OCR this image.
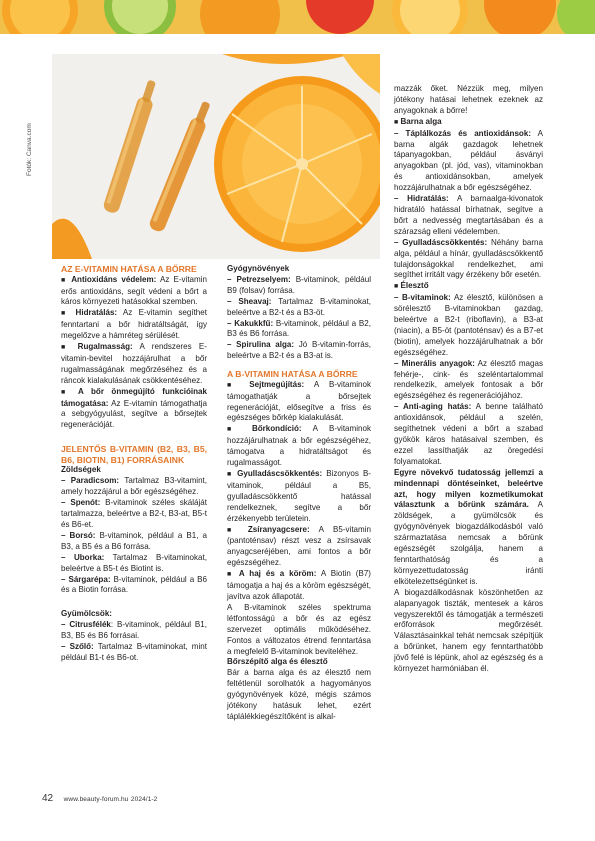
Fotók: Canva.com
AZ E-VITAMIN HATÁSA A BŐRRE

■ Antioxidáns védelem: Az E-vitamin erős antioxidáns, segít védeni a bőrt a káros környezeti hatásokkal szemben.

■ Hidratálás: Az E-vitamin segíthet fenntartani a bőr hidratáltságát, így megelőzve a hámréteg sérülését.

■ Rugalmasság: A rendszeres E-vitamin-bevitel hozzájárulhat a bőr rugalmasságának megőrzéséhez és a ráncok kialakulásának csökkentéséhez.

■ A bőr önmegújító funkcióinak támogatása: Az E-vitamin támogathatja a sebgyógyulást, segítve a bőrsejtek regenerációját.

JELENTŐS B-VITAMIN (B2, B3, B5, B6, BIOTIN, B1) FORRÁSAINK

Zöldségek

– Paradicsom: Tartalmaz B3-vitamint, amely hozzájárul a bőr egészségéhez.

– Spenót: B-vitaminok széles skáláját tartalmazza, beleértve a B2-t, B3-at, B5-t és B6-et.

– Borsó: B-vitaminok, például a B1, a B3, a B5 és a B6 forrása.

– Uborka: Tartalmaz B-vitaminokat, beleértve a B5-t és Biotint is.

– Sárgarépa: B-vitaminok, például a B6 és a Biotin forrása.

Gyümölcsök:

– Citrusfélék: B-vitaminok, például B1, B3, B5 és B6 forrásai.

– Szőlő: Tartalmaz B-vitaminokat, mint például B1-t és B6-ot.

Gyógynövények

– Petrezselyem: B-vitaminok, például B9 (folsav) forrása.

– Sheavaj: Tartalmaz B-vitaminokat, beleértve a B2-t és a B3-öt.

– Kakukkfű: B-vitaminok, például a B2, B3 és B6 forrása.

– Spirulina alga: Jó B-vitamin-forrás, beleértve a B2-t és a B3-at is.

A B-VITAMIN HATÁSA A BŐRRE

■ Sejtmegújítás: A B-vitaminok támogathatják a bőrsejtek regenerációját, elősegítve a friss és egészséges bőrkép kialakulását.

■ Bőrkondíció: A B-vitaminok hozzájárulhatnak a bőr egészségéhez, támogatva a hidratáltságot és rugalmasságot.

■ Gyulladáscsökkentés: Bizonyos B-vitaminok, például a B5, gyulladáscsökkentő hatással rendelkeznek, segítve a bőr érzékenyebb területein.

■ Zsíranyagcsere: A B5-vitamin (pantoténsav) részt vesz a zsírsavak anyagcseréjében, ami fontos a bőr egészségéhez.

■ A haj és a köröm: A Biotin (B7) támogatja a haj és a köröm egészségét, javítva azok állapotát.

A B-vitaminok széles spektruma létfontosságú a bőr és az egész szervezet optimális működéséhez. Fontos a változatos étrend fenntartása a megfelelő B-vitaminok beviteléhez.

Bőrszépítő alga és élesztő

Bár a barna alga és az élesztő nem feltétlenül sorolhatók a hagyományos gyógynövények közé, mégis számos jótékony hatásuk lehet, ezért táplálékkiegészítőként is alkal-

mazzák őket. Nézzük meg, milyen jótékony hatásai lehetnek ezeknek az anyagoknak a bőrre!

■ Barna alga

– Táplálkozás és antioxidánsok: A barna algák gazdagok lehetnek tápanyagokban, például ásványi anyagokban (pl. jód, vas), vitaminokban és antioxidánsokban, amelyek hozzájárulhatnak a bőr egészségéhez.

– Hidratálás: A barnaalga-kivonatok hidratáló hatással bírhatnak, segítve a bőrt a nedvesség megtartásában és a szárazság elleni védelemben.

– Gyulladáscsökkentés: Néhány barna alga, például a hínár, gyulladáscsökkentő tulajdonságokkal rendelkezhet, ami segíthet irritált vagy érzékeny bőr esetén.

■ Élesztő

– B-vitaminok: Az élesztő, különösen a sörélesztő B-vitaminokban gazdag, beleértve a B2-t (riboflavin), a B3-at (niacin), a B5-öt (pantoténsav) és a B7-et (biotin), amelyek hozzájárulhatnak a bőr egészségéhez.

– Minerális anyagok: Az élesztő magas fehérje-, cink- és szeléntartalommal rendelkezik, amelyek fontosak a bőr egészségéhez és regenerációjához.

– Anti-aging hatás: A benne található antioxidánsok, például a szelén, segíthetnek védeni a bőrt a szabad gyökök káros hatásaival szemben, és ezzel lassíthatják az öregedési folyamatokat.

Egyre növekvő tudatosság jellemzi a mindennapi döntéseinket, beleértve azt, hogy milyen kozmetikumokat választunk a bőrünk számára. A zöldségek, a gyümölcsök és gyógynövények biogazdálkodásból való származtatása nemcsak a bőrünk egészségét szolgálja, hanem a fenntarthatóság és a környezettudatosság iránti elkötelezettségünket is.

A biogazdálkodásnak köszönhetően az alapanyagok tiszták, mentesek a káros vegyszerektől és támogatják a természeti erőforrások megőrzését. Választásainkkal tehát nemcsak szépítjük a bőrünket, hanem egy fenntarthatóbb jövő felé is lépünk, ahol az egészség és a környezet harmóniában él.

42 www.beauty-forum.hu 2024/1-2
